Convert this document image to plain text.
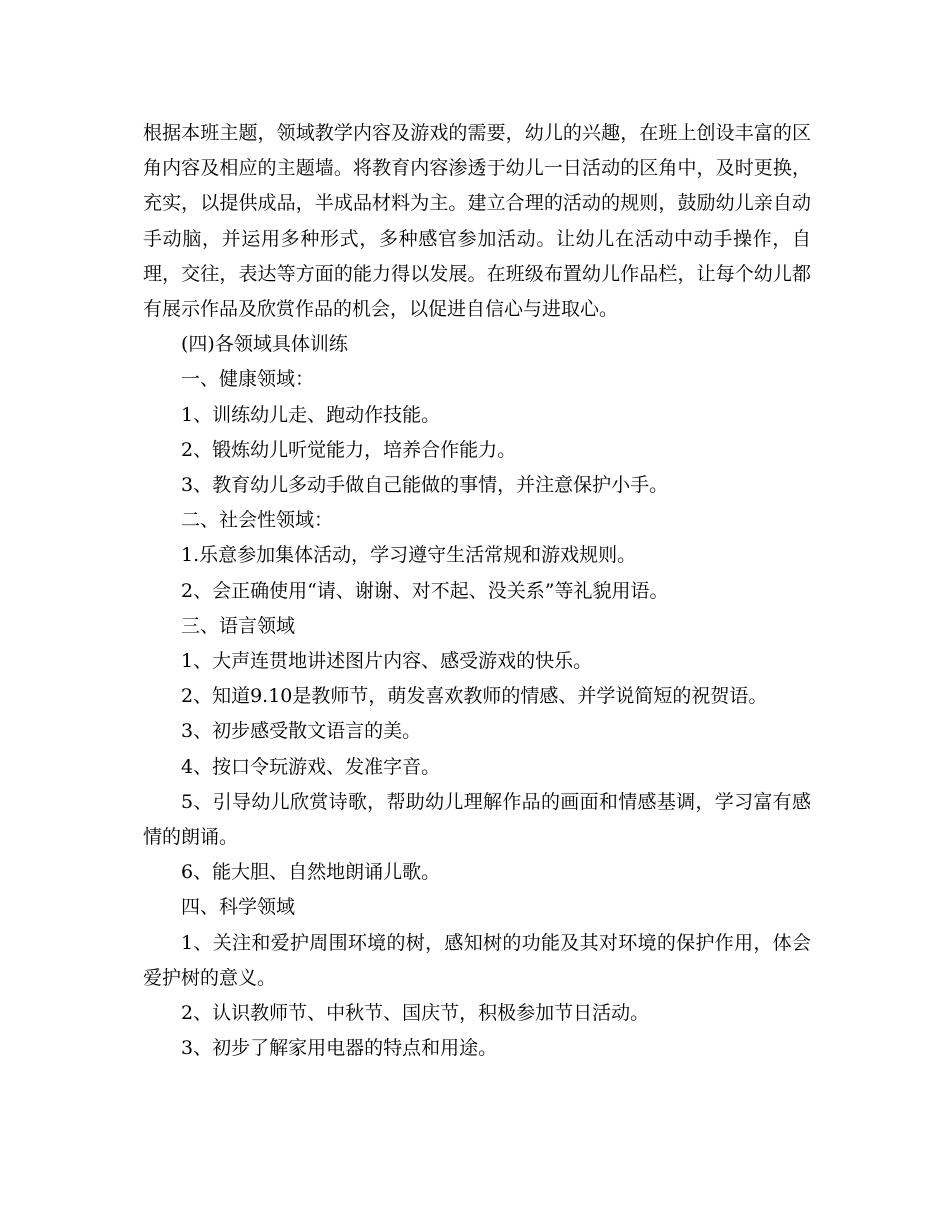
根据本班主题，领域教学内容及游戏的需要，幼儿的兴趣，在班上创设丰富的区角内容及相应的主题墙。将教育内容渗透于幼儿一日活动的区角中，及时更换，充实，以提供成品，半成品材料为主。建立合理的活动的规则，鼓励幼儿亲自动手动脑，并运用多种形式，多种感官参加活动。让幼儿在活动中动手操作，自理，交往，表达等方面的能力得以发展。在班级布置幼儿作品栏，让每个幼儿都有展示作品及欣赏作品的机会，以促进自信心与进取心。

(四)各领域具体训练

一、健康领域：

1、训练幼儿走、跑动作技能。

2、锻炼幼儿听觉能力，培养合作能力。

3、教育幼儿多动手做自己能做的事情，并注意保护小手。

二、社会性领域：

1.乐意参加集体活动，学习遵守生活常规和游戏规则。

2、会正确使用“请、谢谢、对不起、没关系”等礼貌用语。

三、语言领域

1、大声连贯地讲述图片内容、感受游戏的快乐。

2、知道9.10是教师节，萌发喜欢教师的情感、并学说简短的祝贺语。

3、初步感受散文语言的美。

4、按口令玩游戏、发准字音。

5、引导幼儿欣赏诗歌，帮助幼儿理解作品的画面和情感基调，学习富有感情的朗诵。

6、能大胆、自然地朗诵儿歌。

四、科学领域

1、关注和爱护周围环境的树，感知树的功能及其对环境的保护作用，体会爱护树的意义。

2、认识教师节、中秋节、国庆节，积极参加节日活动。

3、初步了解家用电器的特点和用途。
